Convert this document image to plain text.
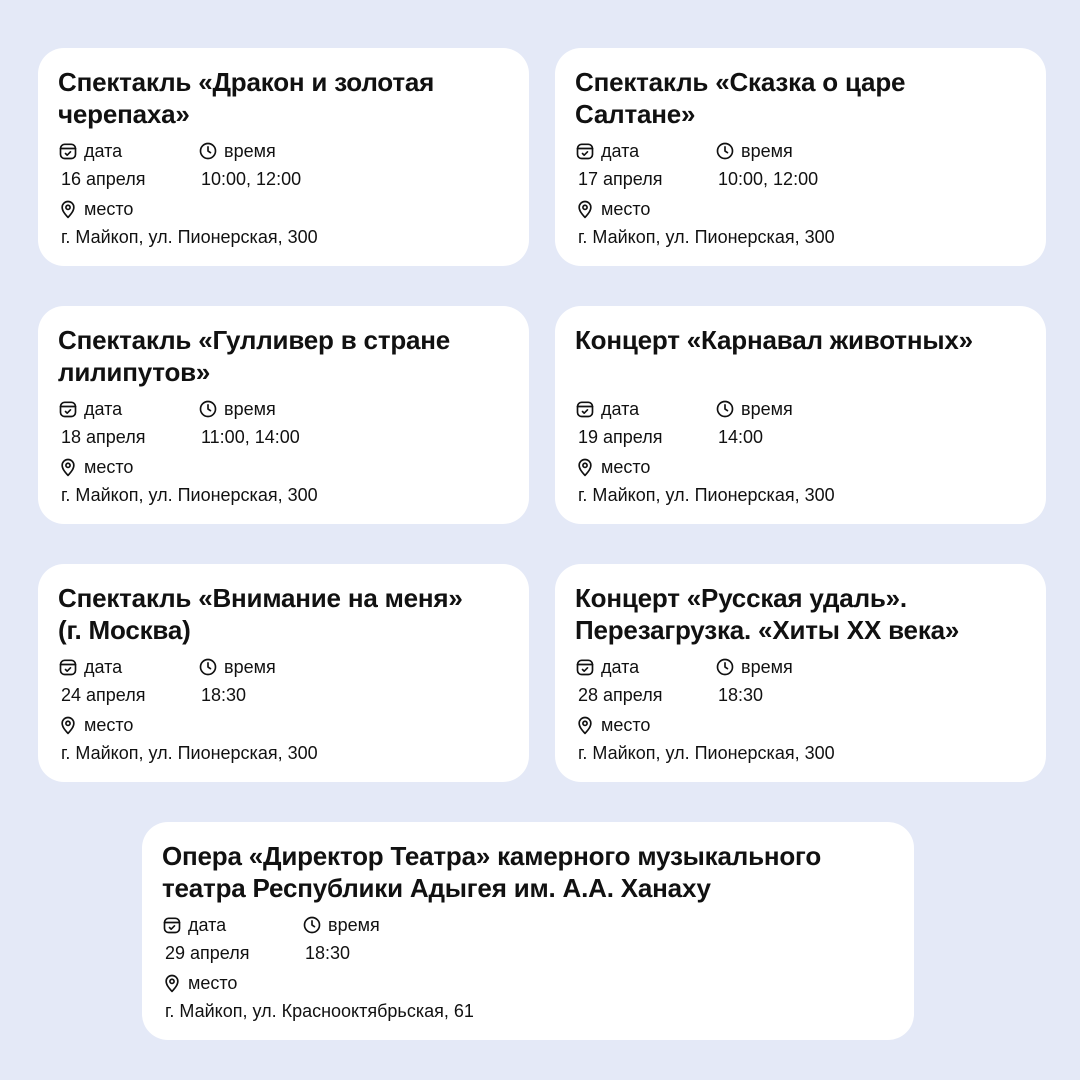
Спектакль «Дракон и золотая
черепаха»
дата
16 апреля
время
10:00, 12:00
место
г. Майкоп, ул. Пионерская, 300
Спектакль «Сказка о царе
Салтане»
дата
17 апреля
время
10:00, 12:00
место
г. Майкоп, ул. Пионерская, 300
Спектакль «Гулливер в стране
лилипутов»
дата
18 апреля
время
11:00, 14:00
место
г. Майкоп, ул. Пионерская, 300
Концерт «Карнавал животных»
дата
19 апреля
время
14:00
место
г. Майкоп, ул. Пионерская, 300
Спектакль «Внимание на меня»
(г. Москва)
дата
24 апреля
время
18:30
место
г. Майкоп, ул. Пионерская, 300
Концерт «Русская удаль».
Перезагрузка. «Хиты ХХ века»
дата
28 апреля
время
18:30
место
г. Майкоп, ул. Пионерская, 300
Опера «Директор Театра» камерного музыкального
театра Республики Адыгея им. А.А. Ханаху
дата
29 апреля
время
18:30
место
г. Майкоп, ул. Краснооктябрьская, 61
